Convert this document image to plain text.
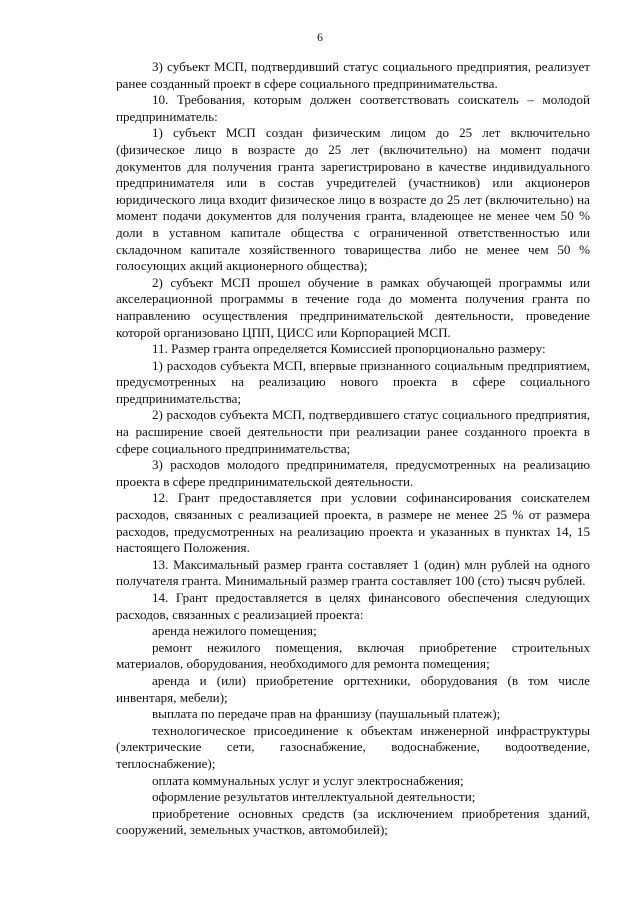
6

3) субъект МСП, подтвердивший статус социального предприятия, реализует ранее созданный проект в сфере социального предпринимательства.

10. Требования, которым должен соответствовать соискатель – молодой предприниматель:

1) субъект МСП создан физическим лицом до 25 лет включительно (физическое лицо в возрасте до 25 лет (включительно) на момент подачи документов для получения гранта зарегистрировано в качестве индивидуального предпринимателя или в состав учредителей (участников) или акционеров юридического лица входит физическое лицо в возрасте до 25 лет (включительно) на момент подачи документов для получения гранта, владеющее не менее чем 50 % доли в уставном капитале общества с ограниченной ответственностью или складочном капитале хозяйственного товарищества либо не менее чем 50 % голосующих акций акционерного общества);

2) субъект МСП прошел обучение в рамках обучающей программы или акселерационной программы в течение года до момента получения гранта по направлению осуществления предпринимательской деятельности, проведение которой организовано ЦПП, ЦИСС или Корпорацией МСП.

11. Размер гранта определяется Комиссией пропорционально размеру:

1) расходов субъекта МСП, впервые признанного социальным предприятием, предусмотренных на реализацию нового проекта в сфере социального предпринимательства;

2) расходов субъекта МСП, подтвердившего статус социального предприятия, на расширение своей деятельности при реализации ранее созданного проекта в сфере социального предпринимательства;

3) расходов молодого предпринимателя, предусмотренных на реализацию проекта в сфере предпринимательской деятельности.

12. Грант предоставляется при условии софинансирования соискателем расходов, связанных с реализацией проекта, в размере не менее 25 % от размера расходов, предусмотренных на реализацию проекта и указанных в пунктах 14, 15 настоящего Положения.

13. Максимальный размер гранта составляет 1 (один) млн рублей на одного получателя гранта. Минимальный размер гранта составляет 100 (сто) тысяч рублей.

14. Грант предоставляется в целях финансового обеспечения следующих расходов, связанных с реализацией проекта:

аренда нежилого помещения;

ремонт нежилого помещения, включая приобретение строительных материалов, оборудования, необходимого для ремонта помещения;

аренда и (или) приобретение оргтехники, оборудования (в том числе инвентаря, мебели);

выплата по передаче прав на франшизу (паушальный платеж);

технологическое присоединение к объектам инженерной инфраструктуры (электрические сети, газоснабжение, водоснабжение, водоотведение, теплоснабжение);

оплата коммунальных услуг и услуг электроснабжения;

оформление результатов интеллектуальной деятельности;

приобретение основных средств (за исключением приобретения зданий, сооружений, земельных участков, автомобилей);
